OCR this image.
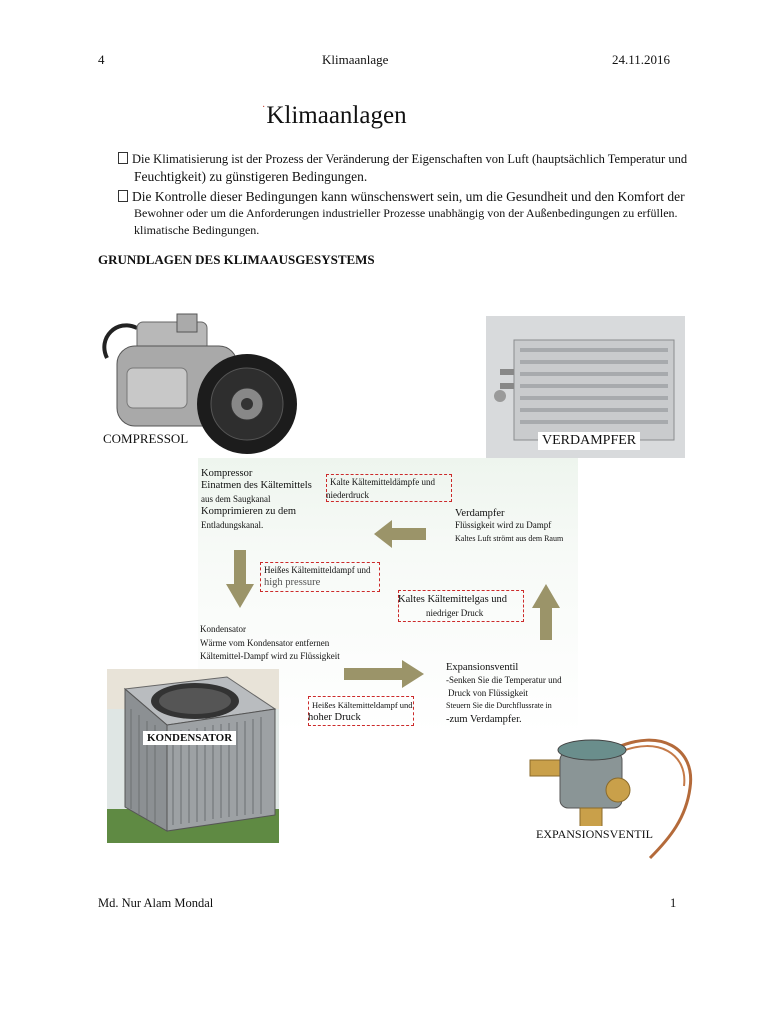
4	Klimaanlage	24.11.2016
·Klimaanlagen
Die Klimatisierung ist der Prozess der Veränderung der Eigenschaften von Luft (hauptsächlich Temperatur und
Feuchtigkeit) zu günstigeren Bedingungen.
Die Kontrolle dieser Bedingungen kann wünschenswert sein, um die Gesundheit und den Komfort der
Bewohner oder um die Anforderungen industrieller Prozesse unabhängig von der Außenbedingungen zu erfüllen.
klimatische Bedingungen.
GRUNDLAGEN DES KLIMAAUSGESYSTEMS
COMPRESSOL	VERDAMPFER
Kompressor
Einatmen des Kältemittels
aus dem Saugkanal
Komprimieren zu dem
Entladungskanal.
Kalte Kältemitteldämpfe und
niederdruck
Verdampfer
Flüssigkeit wird zu Dampf
Kaltes Luft strömt aus dem Raum
Heißes Kältemitteldampf und
high pressure
Kaltes Kältemittelgas und
niedriger Druck
Kondensator
Wärme vom Kondensator entfernen
Kältemittel-Dampf wird zu Flüssigkeit
Expansionsventil
-Senken Sie die Temperatur und
Druck von Flüssigkeit
Steuern Sie die Durchflussrate in
-zum Verdampfer.
Heißes Kältemitteldampf und
hoher Druck
KONDENSATOR
EXPANSIONSVENTIL
Md. Nur Alam Mondal	1
